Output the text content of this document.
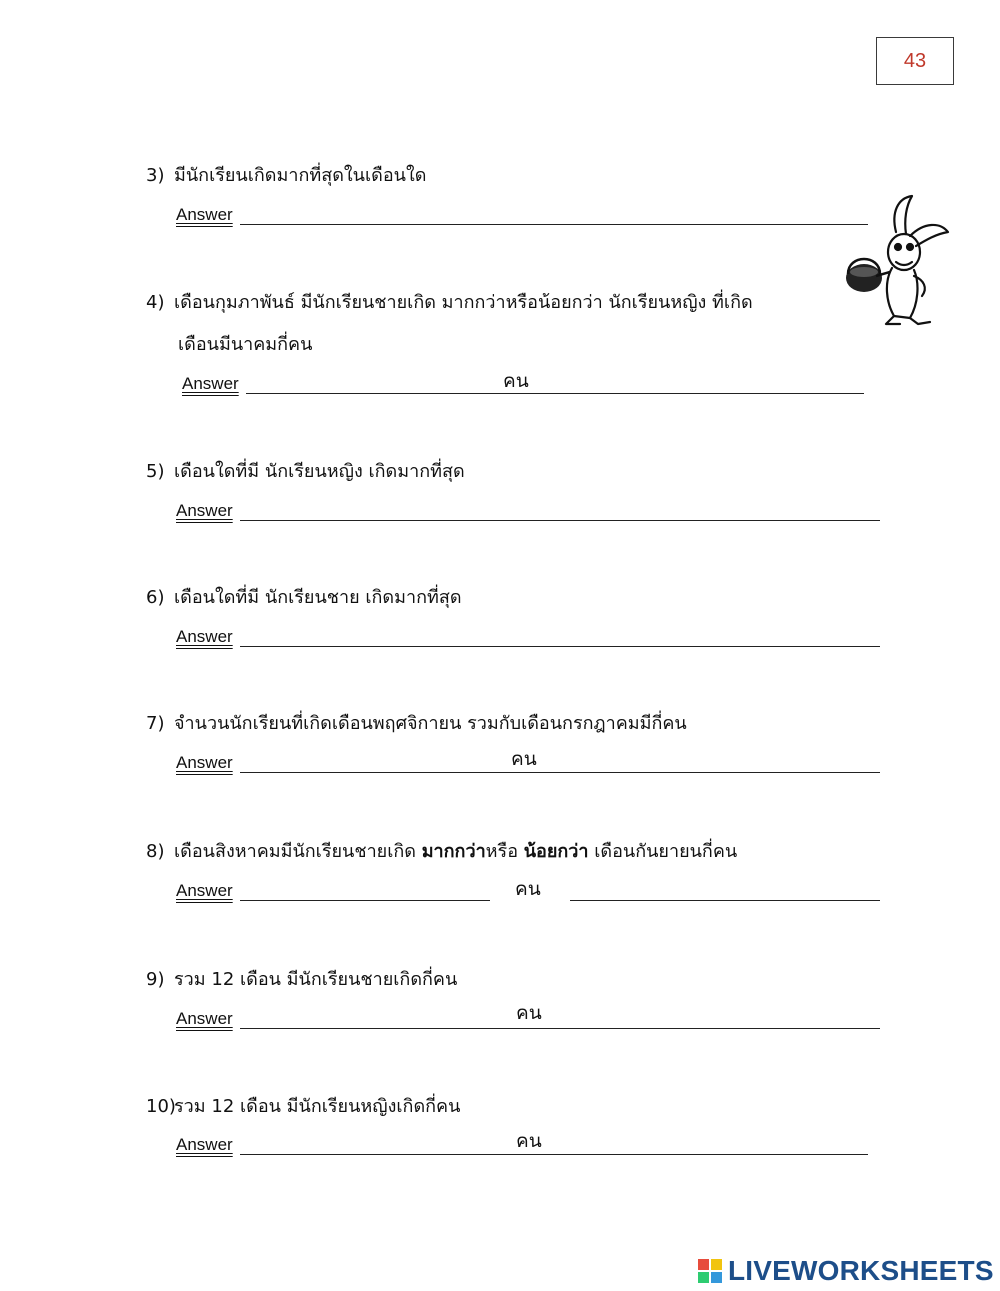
43
3) มีนักเรียนเกิดมากที่สุดในเดือนใด
Answer
4) เดือนกุมภาพันธ์ มีนักเรียนชายเกิด มากกว่าหรือน้อยกว่า นักเรียนหญิง ที่เกิด
เดือนมีนาคมกี่คน
Answer	คน
5) เดือนใดที่มี นักเรียนหญิง เกิดมากที่สุด
Answer
6) เดือนใดที่มี นักเรียนชาย เกิดมากที่สุด
Answer
7) จำนวนนักเรียนที่เกิดเดือนพฤศจิกายน รวมกับเดือนกรกฎาคมมีกี่คน
Answer	คน
8) เดือนสิงหาคมมีนักเรียนชายเกิด มากกว่าหรือ น้อยกว่า เดือนกันยายนกี่คน
Answer	คน
9) รวม 12 เดือน มีนักเรียนชายเกิดกี่คน
Answer	คน
10)รวม 12 เดือน มีนักเรียนหญิงเกิดกี่คน
Answer	คน
LIVEWORKSHEETS
